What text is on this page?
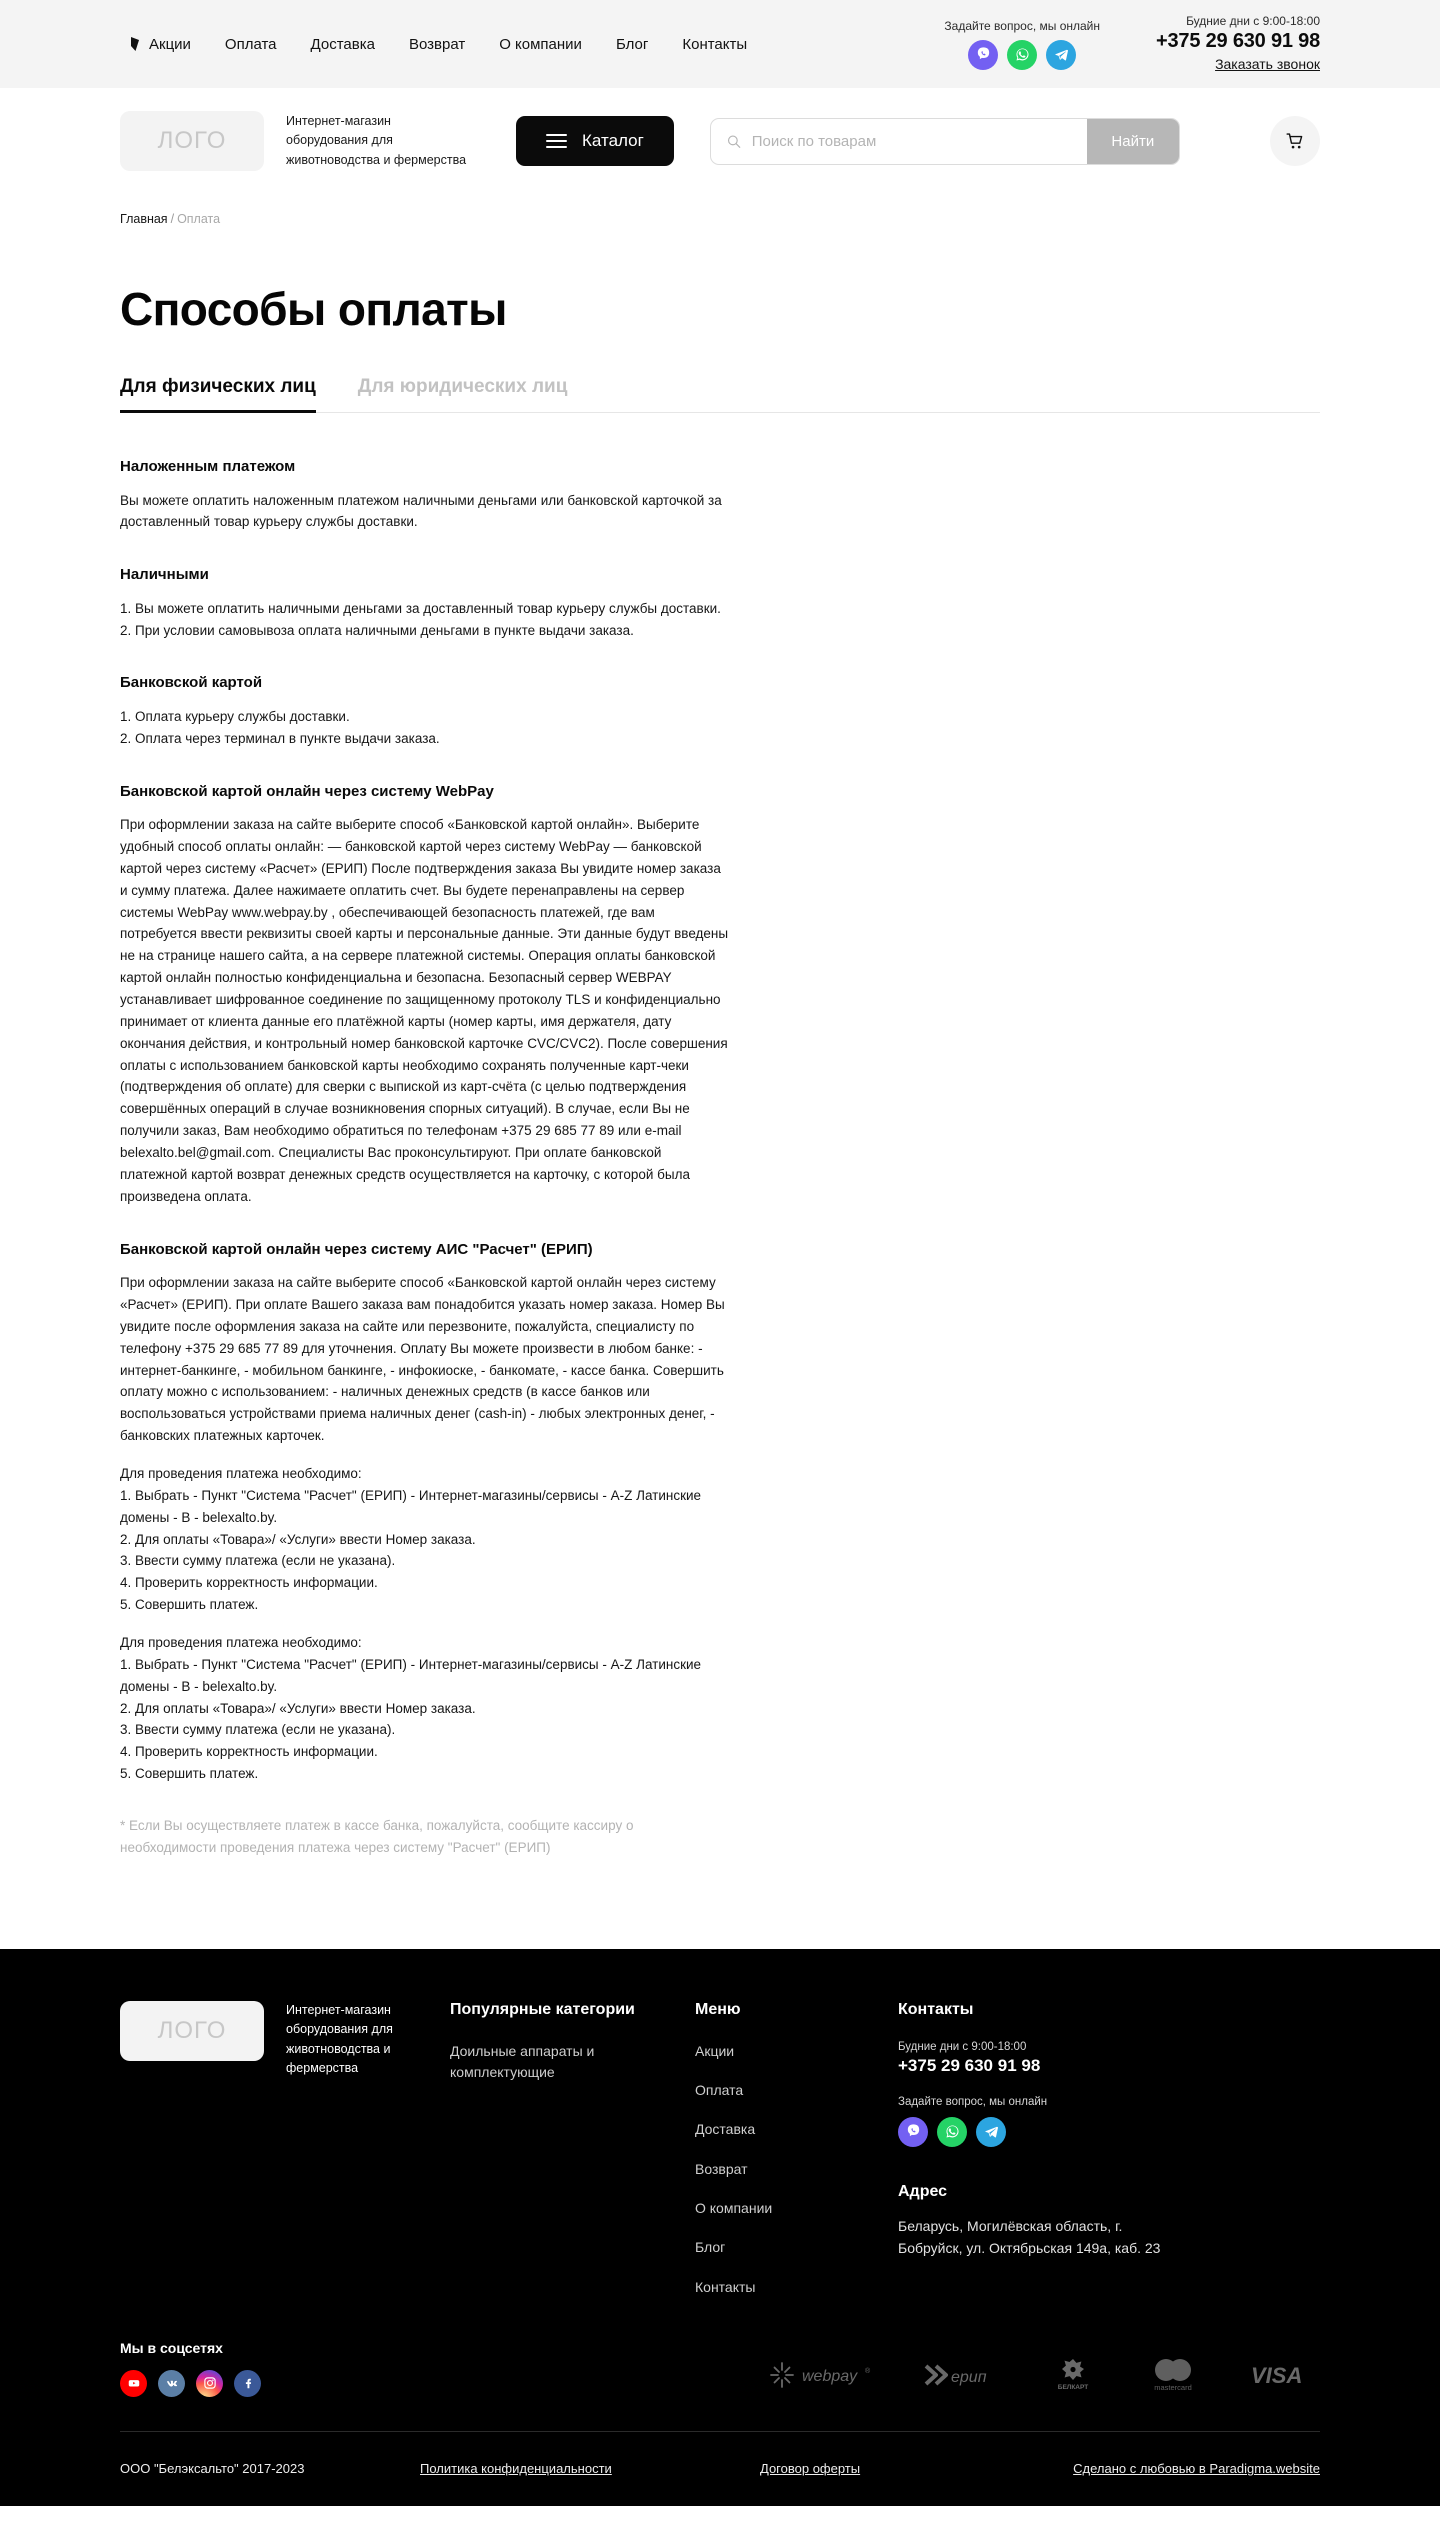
Акции Оплата Доставка Возврат О компании Блог Контакты
Задайте вопрос, мы онлайн	Будние дни с 9:00-18:00
+375 29 630 91 98
Заказать звонок
ЛОГО
Интернет-магазин оборудования для животноводства и фермерства
Каталог
Поиск по товарам	Найти
Главная / Оплата
Способы оплаты
Для физических лиц Для юридических лиц
Наложенным платежом

Вы можете оплатить наложенным платежом наличными деньгами или банковской карточкой за доставленный товар курьеру службы доставки.

Наличными

1. Вы можете оплатить наличными деньгами за доставленный товар курьеру службы доставки.
2. При условии самовывоза оплата наличными деньгами в пункте выдачи заказа.

Банковской картой

1. Оплата курьеру службы доставки.
2. Оплата через терминал в пункте выдачи заказа.

Банковской картой онлайн через систему WebPay

При оформлении заказа на сайте выберите способ «Банковской картой онлайн». Выберите удобный способ оплаты онлайн: — банковской картой через систему WebPay — банковской картой через систему «Расчет» (ЕРИП) После подтверждения заказа Вы увидите номер заказа и сумму платежа. Далее нажимаете оплатить счет. Вы будете перенаправлены на сервер системы WebPay www.webpay.by , обеспечивающей безопасность платежей, где вам потребуется ввести реквизиты своей карты и персональные данные. Эти данные будут введены не на странице нашего сайта, а на сервере платежной системы. Операция оплаты банковской картой онлайн полностью конфиденциальна и безопасна. Безопасный сервер WEBPAY устанавливает шифрованное соединение по защищенному протоколу TLS и конфиденциально принимает от клиента данные его платёжной карты (номер карты, имя держателя, дату окончания действия, и контрольный номер банковской карточке CVC/CVC2). После совершения оплаты с использованием банковской карты необходимо сохранять полученные карт-чеки (подтверждения об оплате) для сверки с выпиской из карт-счёта (с целью подтверждения совершённых операций в случае возникновения спорных ситуаций). В случае, если Вы не получили заказ, Вам необходимо обратиться по телефонам +375 29 685 77 89 или e-mail belexalto.bel@gmail.com. Специалисты Вас проконсультируют. При оплате банковской платежной картой возврат денежных средств осуществляется на карточку, с которой была произведена оплата.

Банковской картой онлайн через систему АИС "Расчет" (ЕРИП)

При оформлении заказа на сайте выберите способ «Банковской картой онлайн через систему «Расчет» (ЕРИП). При оплате Вашего заказа вам понадобится указать номер заказа. Номер Вы увидите после оформления заказа на сайте или перезвоните, пожалуйста, специалисту по телефону +375 29 685 77 89 для уточнения. Оплату Вы можете произвести в любом банке: - интернет-банкинге, - мобильном банкинге, - инфокиоске, - банкомате, - кассе банка. Совершить оплату можно с использованием: - наличных денежных средств (в кассе банков или воспользоваться устройствами приема наличных денег (cash-in) - любых электронных денег, - банковских платежных карточек.

Для проведения платежа необходимо:
1. Выбрать - Пункт "Система "Расчет" (ЕРИП) - Интернет-магазины/сервисы - A-Z Латинские домены - B - belexalto.by.
2. Для оплаты «Товара»/ «Услуги» ввести Номер заказа.
3. Ввести сумму платежа (если не указана).
4. Проверить корректность информации.
5. Совершить платеж.

Для проведения платежа необходимо:
1. Выбрать - Пункт "Система "Расчет" (ЕРИП) - Интернет-магазины/сервисы - A-Z Латинские домены - B - belexalto.by.
2. Для оплаты «Товара»/ «Услуги» ввести Номер заказа.
3. Ввести сумму платежа (если не указана).
4. Проверить корректность информации.
5. Совершить платеж.

* Если Вы осуществляете платеж в кассе банка, пожалуйста, сообщите кассиру о необходимости проведения платежа через систему "Расчет" (ЕРИП)

ЛОГО
Интернет-магазин оборудования для животноводства и фермерства
Популярные категории
Доильные аппараты и комплектующие
Меню
Акции
Оплата
Доставка
Возврат
О компании
Блог
Контакты
Контакты
Будние дни с 9:00-18:00
+375 29 630 91 98
Задайте вопрос, мы онлайн
Адрес
Беларусь, Могилёвская область, г. Бобруйск, ул. Октябрьская 149а, каб. 23
Мы в соцсетях
webpay ®	ерип
БЕЛКАРТ	mastercard	VISA
ООО "Белэксальто" 2017-2023	Политика конфиденциальности	Договор оферты	Сделано с любовью в Paradigma.website
